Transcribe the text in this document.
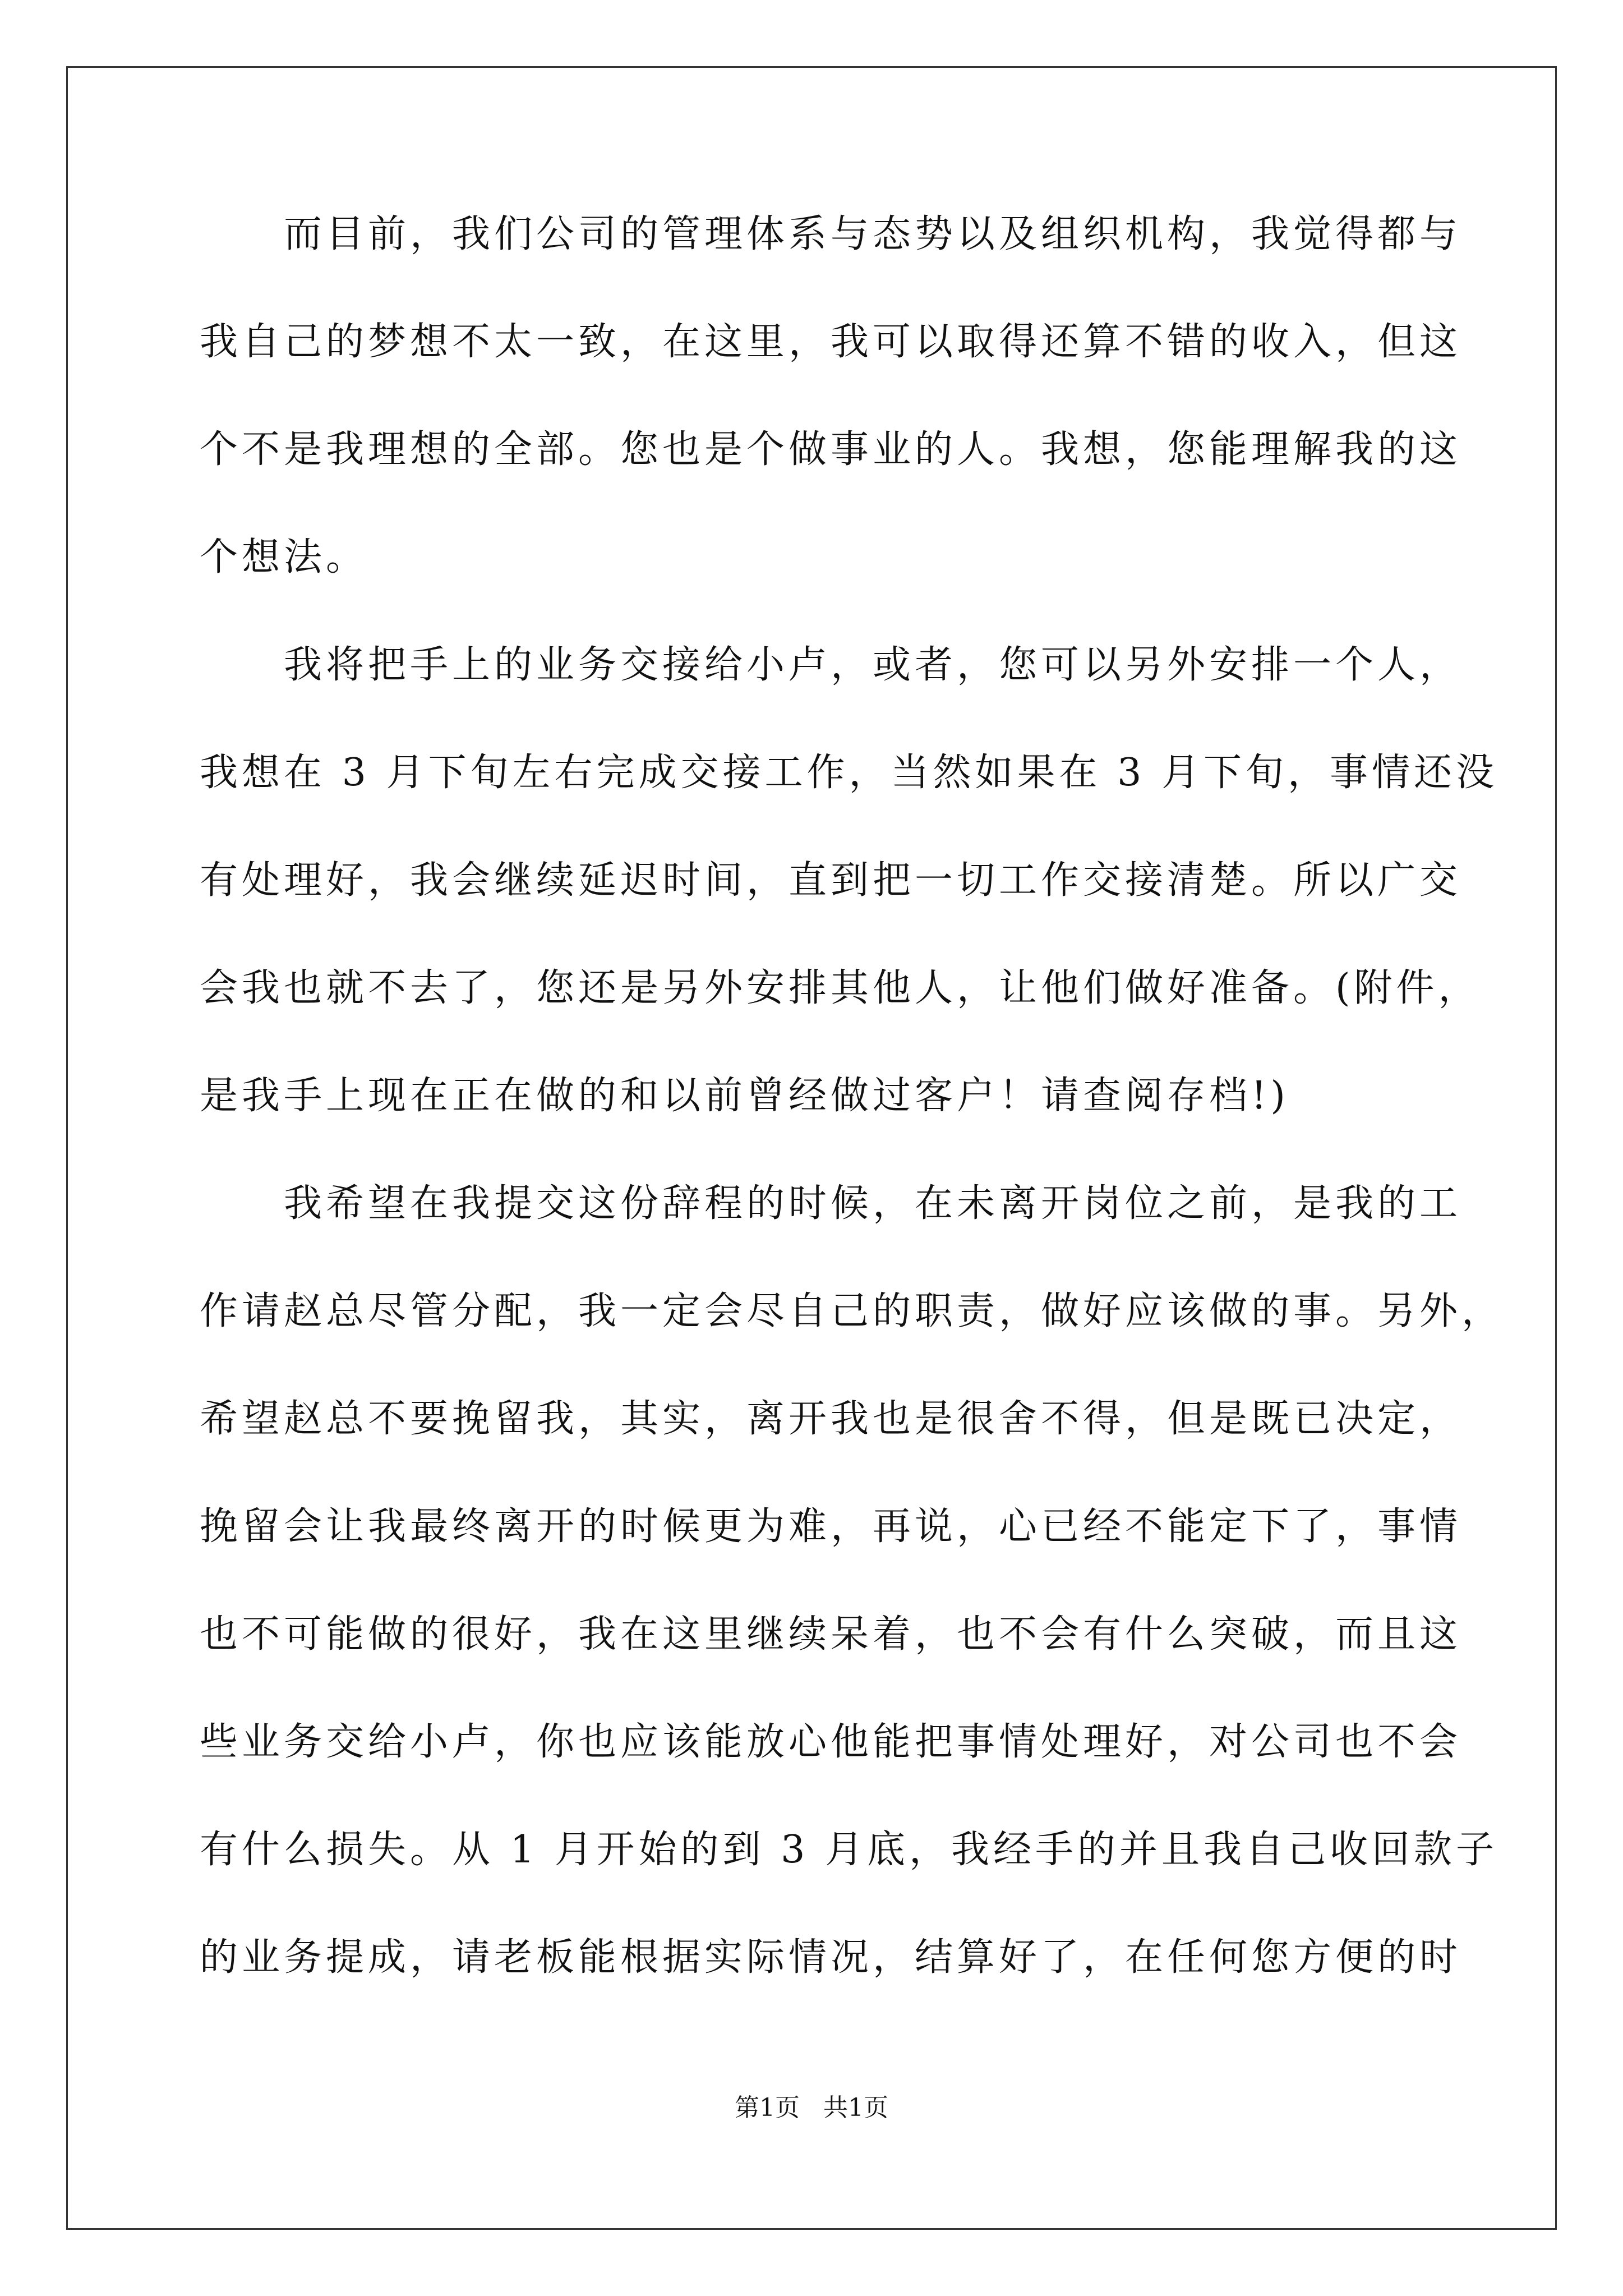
　　而目前，我们公司的管理体系与态势以及组织机构，我觉得都与
我自己的梦想不太一致，在这里，我可以取得还算不错的收入，但这
个不是我理想的全部。您也是个做事业的人。我想，您能理解我的这
个想法。
　　我将把手上的业务交接给小卢，或者，您可以另外安排一个人，
我想在 3 月下旬左右完成交接工作，当然如果在 3 月下旬，事情还没
有处理好，我会继续延迟时间，直到把一切工作交接清楚。所以广交
会我也就不去了，您还是另外安排其他人，让他们做好准备。(附件，
是我手上现在正在做的和以前曾经做过客户！请查阅存档!)
　　我希望在我提交这份辞程的时候，在未离开岗位之前，是我的工
作请赵总尽管分配，我一定会尽自己的职责，做好应该做的事。另外，
希望赵总不要挽留我，其实，离开我也是很舍不得，但是既已决定，
挽留会让我最终离开的时候更为难，再说，心已经不能定下了，事情
也不可能做的很好，我在这里继续呆着，也不会有什么突破，而且这
些业务交给小卢，你也应该能放心他能把事情处理好，对公司也不会
有什么损失。从 1 月开始的到 3 月底，我经手的并且我自己收回款子
的业务提成，请老板能根据实际情况，结算好了，在任何您方便的时
第1页   共1页
